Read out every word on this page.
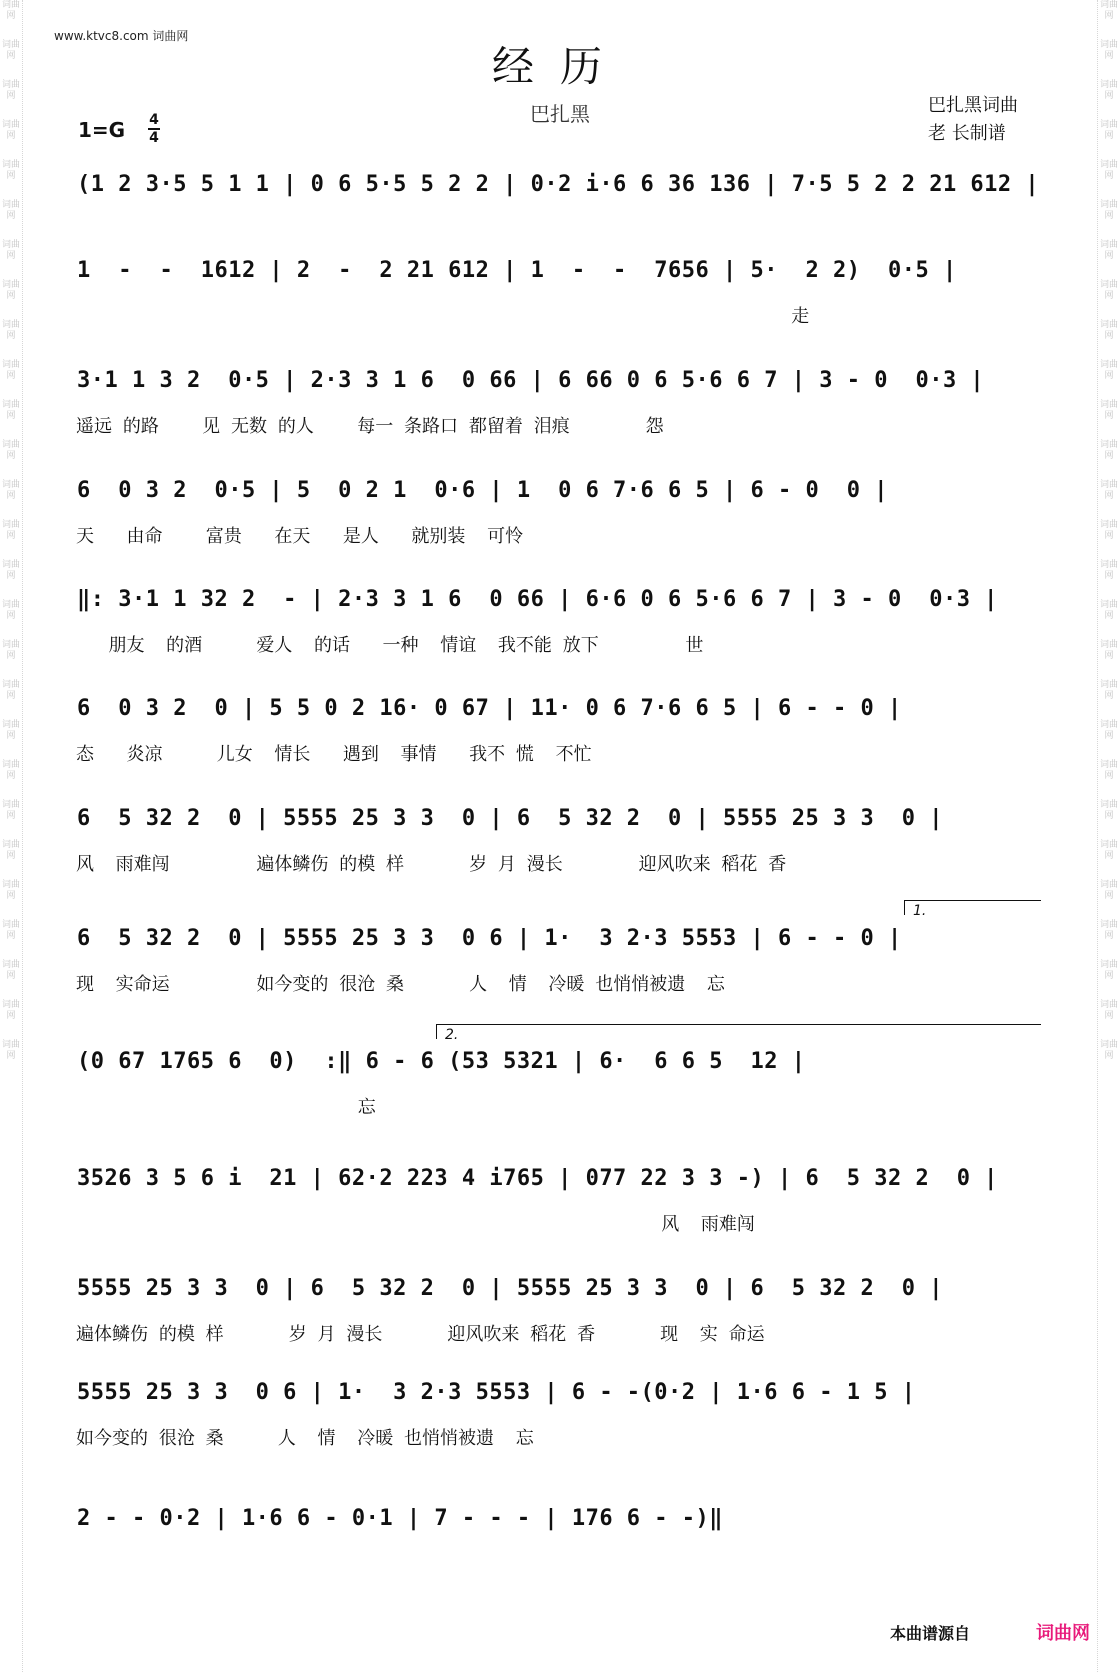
词曲网
词曲网
词曲网
词曲网
词曲网
词曲网
词曲网
词曲网
词曲网
词曲网
词曲网
词曲网
词曲网
词曲网
词曲网
词曲网
词曲网
词曲网
词曲网
词曲网
词曲网
词曲网
词曲网
词曲网
词曲网
词曲网
词曲网
词曲网
词曲网
词曲网
词曲网
词曲网
词曲网
词曲网
词曲网
词曲网
词曲网
词曲网
词曲网
词曲网
词曲网
词曲网
词曲网
词曲网
词曲网
词曲网
词曲网
词曲网
词曲网
词曲网
词曲网
词曲网
词曲网
词曲网
www.ktvc8.com 词曲网
经历
巴扎黑	巴扎黑词曲
老 长制谱
1=G 4
4
(1 2 3·5 5 1 1 | 0 6 5·5 5 2 2 | 0·2 i·6 6 36 136 | 7·5 5 2 2 21 612 |
1  -  -  1612 | 2  -  2 21 612 | 1  -  -  7656 | 5·  2 2)  0·5 |
走
3·1 1 3 2  0·5 | 2·3 3 1 6  0 66 | 6 66 0 6 5·6 6 7 | 3 - 0  0·3 |
遥远 的路    见 无数 的人    每一 条路口 都留着 泪痕       怨
6  0 3 2  0·5 | 5  0 2 1  0·6 | 1  0 6 7·6 6 5 | 6 - 0  0 |
天   由命    富贵   在天   是人   就别装  可怜
‖: 3·1 1 32 2  - | 2·3 3 1 6  0 66 | 6·6 0 6 5·6 6 7 | 3 - 0  0·3 |
朋友  的酒     爱人  的话   一种  情谊  我不能 放下        世
6  0 3 2  0 | 5 5 0 2 16· 0 67 | 11· 0 6 7·6 6 5 | 6 - - 0 |
态   炎凉     儿女  情长   遇到  事情   我不 慌  不忙
6  5 32 2  0 | 5555 25 3 3  0 | 6  5 32 2  0 | 5555 25 3 3  0 |
风  雨难闯        遍体鳞伤 的模 样      岁 月 漫长       迎风吹来 稻花 香
6  5 32 2  0 | 5555 25 3 3  0 6 | 1·  3 2·3 5553 | 6 - - 0 |
现  实命运        如今变的 很沧 桑      人  情  冷暖 也悄悄被遗  忘
(0 67 1765 6  0)  :‖ 6 - 6 (53 5321 | 6·  6 6 5  12 |
忘
3526 3 5 6 i  21 | 62·2 223 4 i765 | 077 22 3 3 -) | 6  5 32 2  0 |
风  雨难闯
5555 25 3 3  0 | 6  5 32 2  0 | 5555 25 3 3  0 | 6  5 32 2  0 |
遍体鳞伤 的模 样      岁 月 漫长      迎风吹来 稻花 香      现  实 命运
5555 25 3 3  0 6 | 1·  3 2·3 5553 | 6 - -(0·2 | 1·6 6 - 1 5 |
如今变的 很沧 桑     人  情  冷暖 也悄悄被遗  忘
2 - - 0·2 | 1·6 6 - 0·1 | 7 - - - | 176 6 - -)‖
1.
2.
本曲谱源自	词曲网
